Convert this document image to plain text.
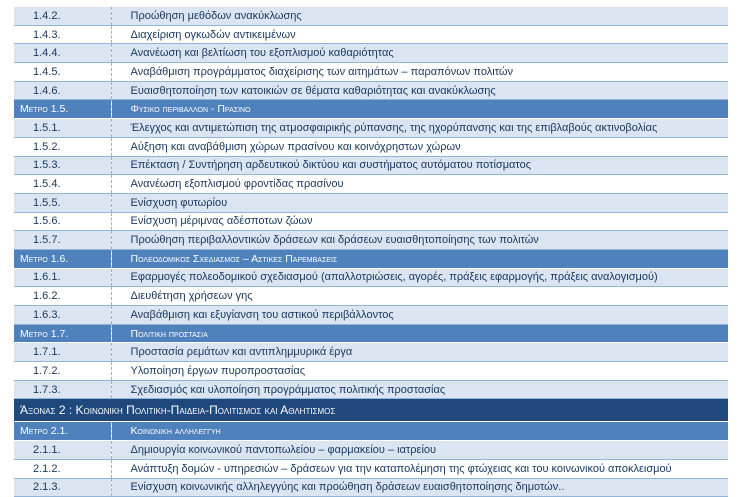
1.4.2.	Προώθηση μεθόδων ανακύκλωσης
1.4.3.	Διαχείριση ογκωδών αντικειμένων
1.4.4.	Ανανέωση και βελτίωση του εξοπλισμού καθαριότητας
1.4.5.	Αναβάθμιση προγράμματος διαχείρισης των αιτημάτων – παραπόνων πολιτών
1.4.6.	Ευαισθητοποίηση των κατοικιών σε θέματα καθαριότητας και ανακύκλωσης
Μετρο 1.5.	Φυσικο περιβαλλον - Πρασινο
1.5.1.	Έλεγχος και αντιμετώπιση της ατμοσφαιρικής ρύπανσης, της ηχορύπανσης και της επιβλαβούς ακτινοβολίας
1.5.2.	Αύξηση και αναβάθμιση χώρων πρασίνου και κοινόχρηστων χώρων
1.5.3.	Επέκταση / Συντήρηση αρδευτικού δικτύου και συστήματος αυτόματου ποτίσματος
1.5.4.	Ανανέωση εξοπλισμού φροντίδας πρασίνου
1.5.5.	Ενίσχυση φυτωρίου
1.5.6.	Ενίσχυση μέριμνας αδέσποτων ζώων
1.5.7.	Προώθηση περιβαλλοντικών δράσεων και δράσεων ευαισθητοποίησης των πολιτών
Μετρο 1.6.	Πολεοδομικος Σχεδιασμος – Αστικες Παρεμβασεις
1.6.1.	Εφαρμογές πολεοδομικού σχεδιασμού (απαλλοτριώσεις, αγορές, πράξεις εφαρμογής, πράξεις αναλογισμού)
1.6.2.	Διευθέτηση χρήσεων γης
1.6.3.	Αναβάθμιση και εξυγίανση του αστικού περιβάλλοντος
Μετρο 1.7.	Πολιτικη προστασια
1.7.1.	Προστασία ρεμάτων και αντιπλημμυρικά έργα
1.7.2.	Υλοποίηση έργων πυροπροστασίας
1.7.3.	Σχεδιασμός και υλοποίηση προγράμματος πολιτικής προστασίας
Άξονας 2 : Κοινωνικη Πολιτικη-Παιδεια-Πολιτισμος και Αθλητισμος	
Μετρο 2.1.	Κοινωνικη αλληλεγγυη
2.1.1.	Δημιουργία κοινωνικού παντοπωλείου – φαρμακείου – ιατρείου
2.1.2.	Ανάπτυξη δομών - υπηρεσιών – δράσεων για την καταπολέμηση της φτώχειας και του κοινωνικού αποκλεισμού
2.1.3.	Ενίσχυση κοινωνικής αλληλεγγύης και προώθηση δράσεων ευαισθητοποίησης δημοτών..
